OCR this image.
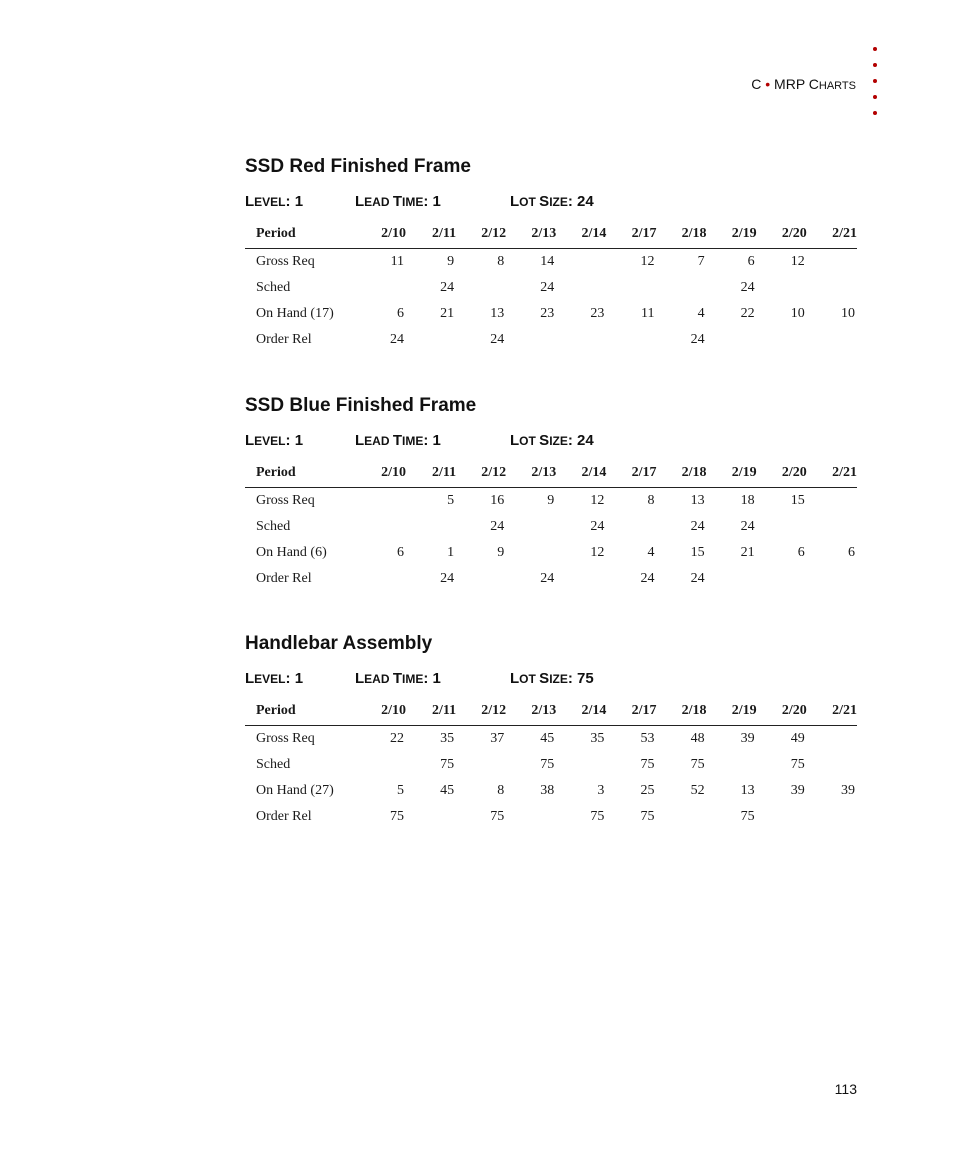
C • MRP CHARTS
SSD Red Finished Frame
LEVEL: 1	LEAD TIME: 1	LOT SIZE: 24
Period	2/10	2/11	2/12	2/13	2/14	2/17	2/18	2/19	2/20	2/21
Gross Req	11	9	8	14		12	7	6	12	
Sched		24		24				24		
On Hand (17)	6	21	13	23	23	11	4	22	10	10
Order Rel	24		24				24			
SSD Blue Finished Frame
LEVEL: 1	LEAD TIME: 1	LOT SIZE: 24
Period	2/10	2/11	2/12	2/13	2/14	2/17	2/18	2/19	2/20	2/21
Gross Req		5	16	9	12	8	13	18	15	
Sched			24		24		24	24		
On Hand (6)	6	1	9		12	4	15	21	6	6
Order Rel		24		24		24	24			
Handlebar Assembly
LEVEL: 1	LEAD TIME: 1	LOT SIZE: 75
Period	2/10	2/11	2/12	2/13	2/14	2/17	2/18	2/19	2/20	2/21
Gross Req	22	35	37	45	35	53	48	39	49	
Sched		75		75		75	75		75	
On Hand (27)	5	45	8	38	3	25	52	13	39	39
Order Rel	75		75		75	75		75		
113
